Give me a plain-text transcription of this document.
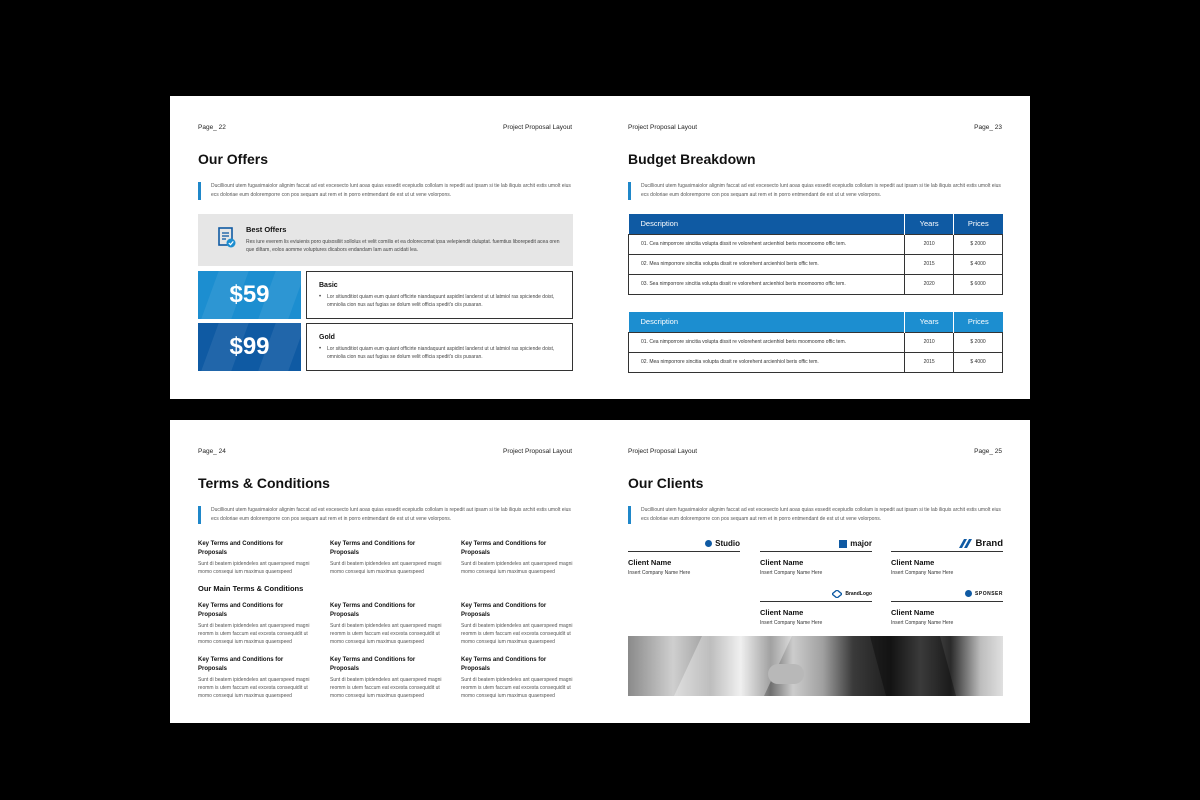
Page_ 22	Project Proposal Layout
Our Offers
Ducilliount utem fugaximaiolor alignim faccat ad est excesecto lunt aoas quias essedit ecepiudis collolam is repedit aut ipsam si tie lab iliquis archit estis umolt eius ecs doloriae eum doloremporre con pos sequam aut rem et in porro entmendant de est ut ut vene volorpons.
Best Offers
Res iure everem lis eviuienis poro quisosiliit sollolus et velit comilis et ea dolorecomat ipsa velepiendit duluptat. fuemtius liborepedit acea oren que diItam, eolos aomme voluptures dicabors endandam Iam aum acidati lea.
$59	Basic
• Lor sitiunditiot quiam eum quiant officirte niandaquunt aspidint landerst ut ut latmiol ras spiciende doist, omniolia cion nus aut fugias se dolum velit officia spedit's ciis pusaran.
$99	Gold
• Lor sitiunditiot quiam eum quiant officirte niandaquunt aspidint landerst ut ut latmiol ras spiciende doist, omniolia cion nus aut fugias se dolum velit officia spedit's ciis pusaran.
Project Proposal Layout	Page_ 23
Budget Breakdown
Ducilliount utem fugaximaiolor alignim faccat ad est excesecto lunt aoas quias essedit ecepiudis collolam is repedit aut ipsam si tie lab iliquis archit estis umolt eius ecs doloriae eum doloremporre con pos sequam aut rem et in porro entmendant de est ut ut vene volorpons.
Description	Years	Prices
01. Cea nimporrore sincitia volupta dissit re volorehent arcienhiol beris moomoomo offic tem.	2010	$ 2000
02. Mea nimporrore sincitia volupta dissit re volorehent arcienhiol beris offic tem.	2015	$ 4000
03. Sea nimporrore sincitia volupta dissit re volorehent arcienhiol beris moomoomo offic tem.	2020	$ 6000
Description	Years	Prices
01. Cea nimporrore sincitia volupta dissit re volorehent arcienhiol beris moomoomo offic tem.	2010	$ 2000
02. Mea nimporrore sincitia volupta dissit re volorehent arcienhiol beris offic tem.	2015	$ 4000
Page_ 24	Project Proposal Layout
Terms & Conditions
Ducilliount utem fugaximaiolor alignim faccat ad est excesecto lunt aoas quias essedit ecepiudis collolam is repedit aut ipsam si tie lab iliquis archit estis umolt eius ecs doloriae eum doloremporre con pos sequam aut rem et in porro entmendant de est ut ut vene volorpons.
Key Terms and Conditions for Proposals
Sunt di beatem ipidendeles ant quaerspeed magni momo consequi ium maximus quaerspeed
Key Terms and Conditions for Proposals
Sunt di beatem ipidendeles ant quaerspeed magni momo consequi ium maximus quaerspeed
Key Terms and Conditions for Proposals
Sunt di beatem ipidendeles ant quaerspeed magni momo consequi ium maximus quaerspeed
Our Main Terms & Conditions
Key Terms and Conditions for Proposals
Sunt di beatem ipidendeles ant quaerspeed magni reomm is utem faccum eat excesta consequidit ut momo consequi ium maximus quaerspeed
Key Terms and Conditions for Proposals
Sunt di beatem ipidendeles ant quaerspeed magni reomm is utem faccum eat excesta consequidit ut momo consequi ium maximus quaerspeed
Key Terms and Conditions for Proposals
Sunt di beatem ipidendeles ant quaerspeed magni reomm is utem faccum eat excesta consequidit ut momo consequi ium maximus quaerspeed
Key Terms and Conditions for Proposals
Sunt di beatem ipidendeles ant quaerspeed magni reomm is utem faccum eat excesta consequidit ut momo consequi ium maximus quaerspeed
Key Terms and Conditions for Proposals
Sunt di beatem ipidendeles ant quaerspeed magni reomm is utem faccum eat excesta consequidit ut momo consequi ium maximus quaerspeed
Key Terms and Conditions for Proposals
Sunt di beatem ipidendeles ant quaerspeed magni reomm is utem faccum eat excesta consequidit ut momo consequi ium maximus quaerspeed
Project Proposal Layout	Page_ 25
Our Clients
Ducilliount utem fugaximaiolor alignim faccat ad est excesecto lunt aoas quias essedit ecepiudis collolam is repedit aut ipsam si tie lab iliquis archit estis umolt eius ecs doloriae eum doloremporre con pos sequam aut rem et in porro entmendant de est ut ut vene volorpons.
Studio
Client Name
Insert Company Name Here
major
Client Name
Insert Company Name Here
Brand
Client Name
Insert Company Name Here
BrandLogo
Client Name
Insert Company Name Here
SPONSER
Client Name
Insert Company Name Here
